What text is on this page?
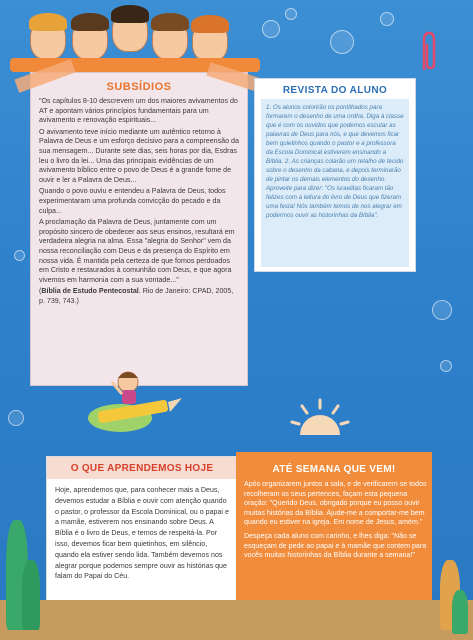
SUBSÍDIOS

"Os capítulos 8-10 descrevem um dos maiores avivamentos do AT e apontam vários princípios fundamentais para um avivamento e renovação espirituais...

O avivamento teve início mediante um autêntico retorno à Palavra de Deus e um esforço decisivo para a compreensão da sua mensagem... Durante sete dias, seis horas por dia, Esdras leu o livro da lei... Uma das principais evidências de um avivamento bíblico entre o povo de Deus é a grande fome de ouvir e ler a Palavra de Deus...

Quando o povo ouviu e entendeu a Palavra de Deus, todos experimentaram uma profunda convicção do pecado e da culpa...

A proclamação da Palavra de Deus, juntamente com um propósito sincero de obedecer aos seus ensinos, resultará em verdadeira alegria na alma. Essa "alegria do Senhor" vem da nossa reconciliação com Deus e da presença do Espírito em nossa vida. É mantida pela certeza de que fomos perdoados em Cristo e restaurados à comunhão com Deus, e que agora vivemos em harmonia com a sua vontade..."

(Bíblia de Estudo Pentecostal. Rio de Janeiro: CPAD, 2005, p. 739, 743.)

REVISTA DO ALUNO

1. Os alunos colorirão os pontilhados para formarem o desenho de uma ordha. Diga à classe que é com os ouvidos que podemos escutar as palavras de Deus para nós, e que devemos ficar bem quietinhos quando o pastor e a professora da Escola Dominical estiverem ensinando a Bíblia. 2. As crianças colarão um retalho de tecido sobre o desenho da cabana, e depois terminarão de pintar os demais elementos do desenho. Aproveite para dizer: "Os israelitas ficaram tão felizes com a leitura do livro de Deus que fizeram uma festa! Nós também temos de nos alegrar em podermos ouvir as historinhas da Bíblia".

O QUE APRENDEMOS HOJE

Hoje, aprendemos que, para conhecer mais a Deus, devemos estudar a Bíblia e ouvir com atenção quando o pastor, o professor da Escola Dominical, ou o papai e a mamãe, estiverem nos ensinando sobre Deus. A Bíblia é o livro de Deus, e temos de respeitá-la. Por isso, devemos ficar bem quietinhos, em silêncio, quando ela estiver sendo lida. Também devemos nos alegrar porque podemos sempre ouvir as histórias que falam do Papai do Céu.

ATÉ SEMANA QUE VEM!

Após organizarem juntos a sala, e de verificarem se todos recolheram os seus pertences, façam esta pequena oração: "Querido Deus, obrigado porque eu posso ouvir muitas histórias da Bíblia. Ajude-me a comportar-me bem quando eu estiver na igreja. Em nome de Jesus, amém."

Despeça cada aluno com carinho, e lhes diga: "Não se esqueçam de pedir ao papai e à mamãe que contem para vocês muitas historinhas da Bíblia durante a semana!"
